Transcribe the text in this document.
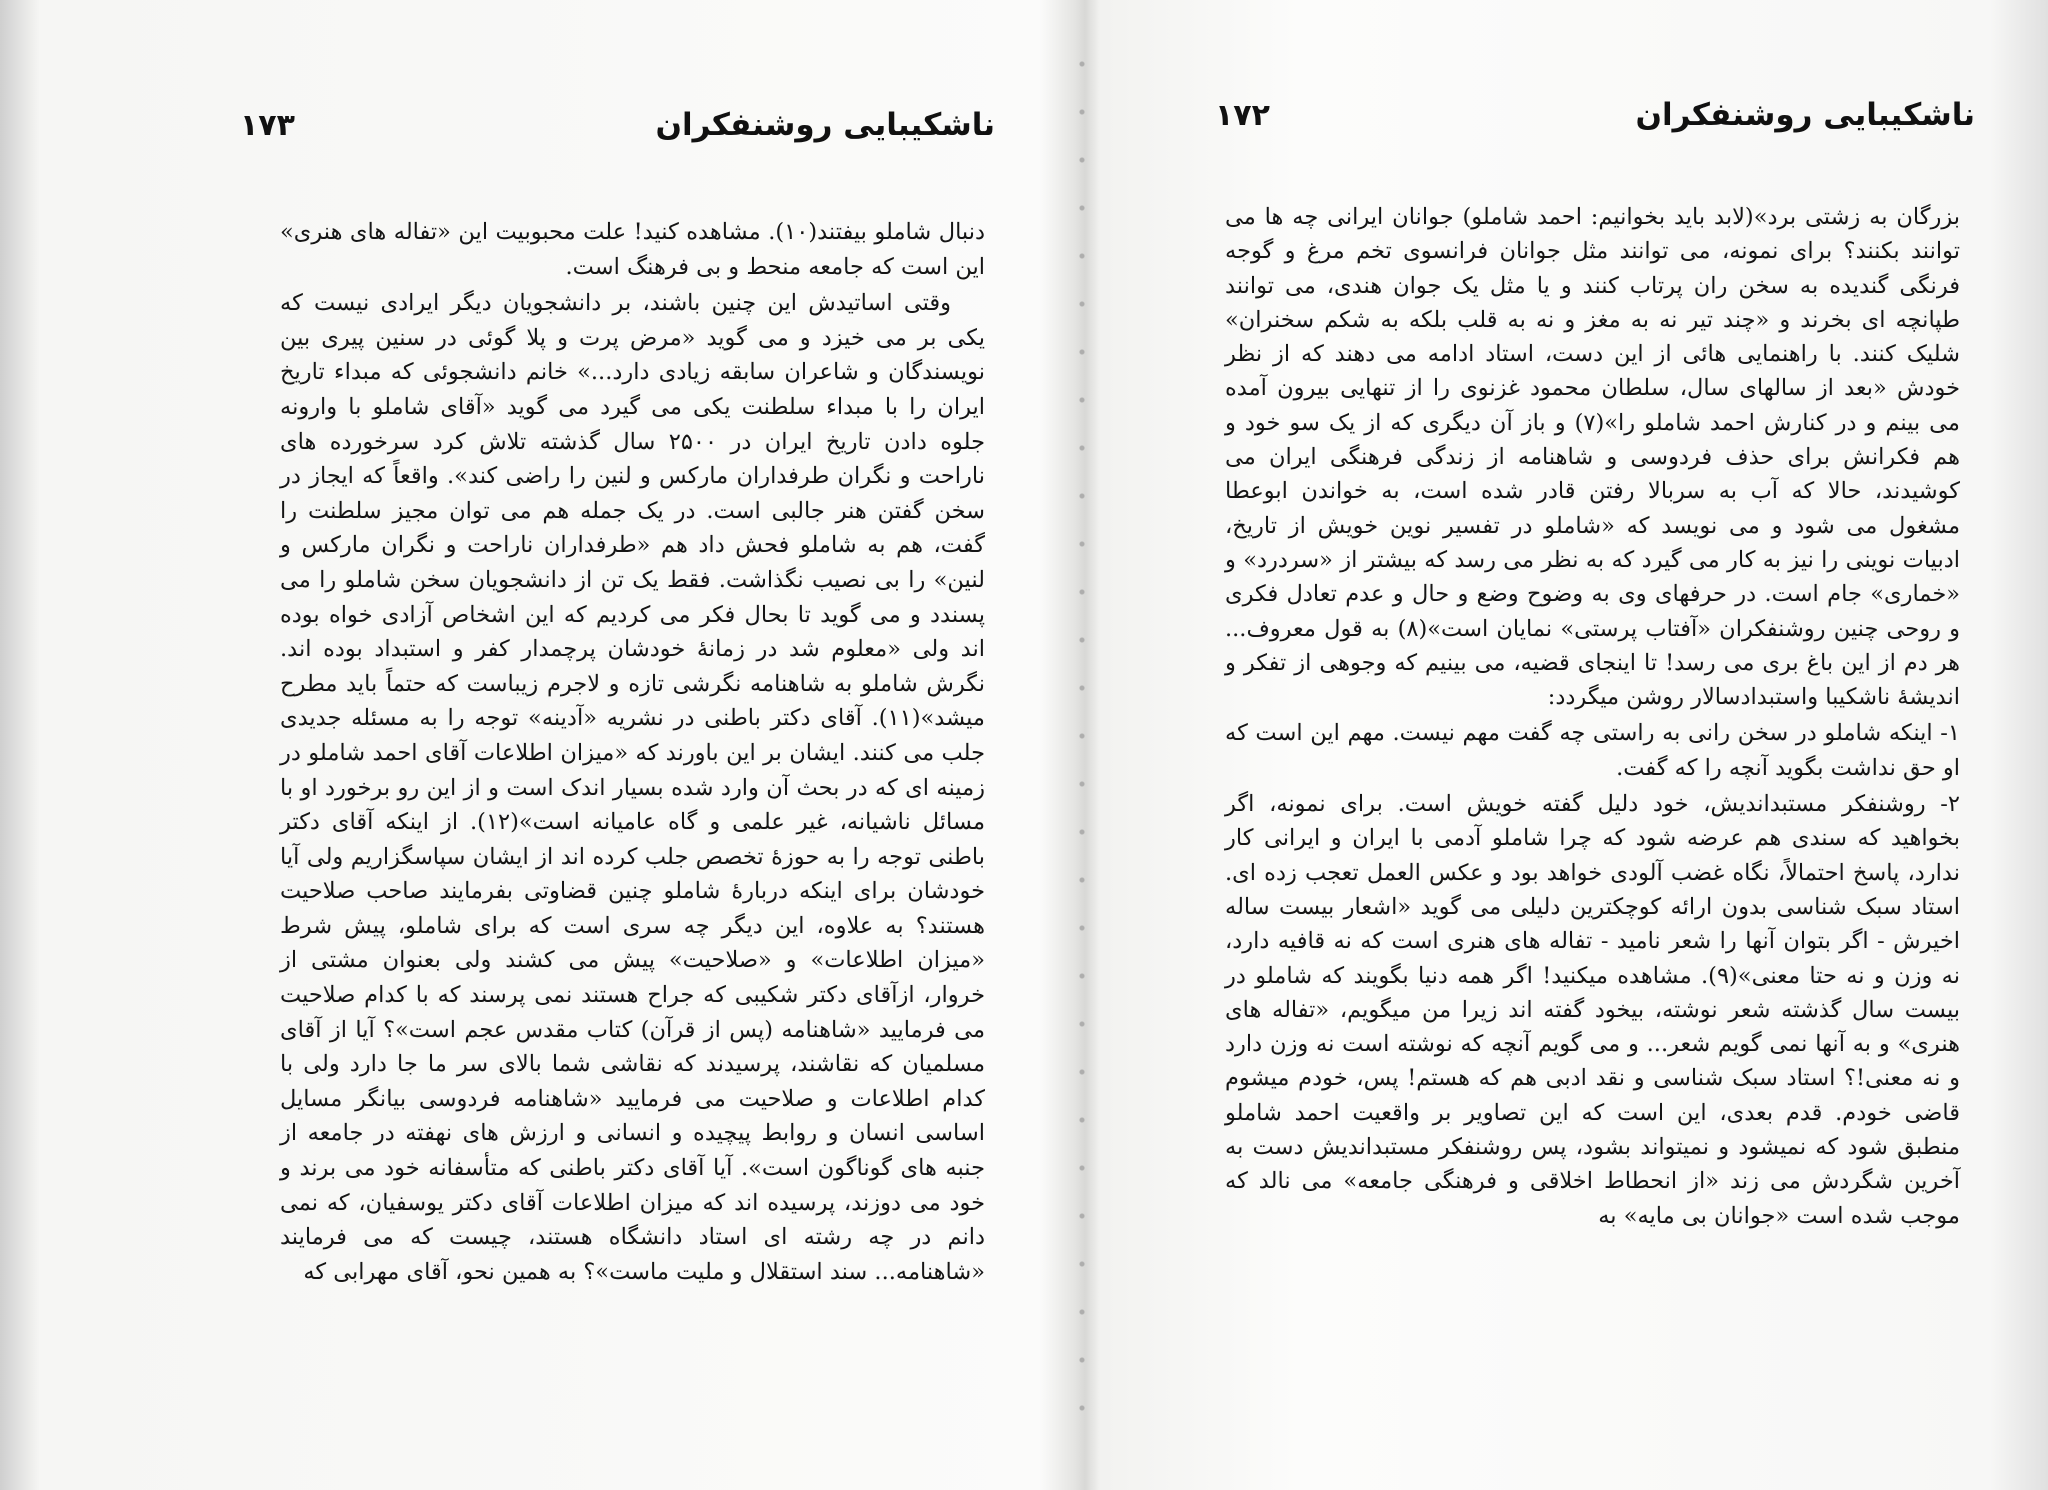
ناشکیبایی روشنفکران
۱۷۳

دنبال شاملو بیفتند(۱۰). مشاهده کنید! علت محبوبیت این «تفاله های هنری» این است که جامعه منحط و بی فرهنگ است.

وقتی اساتیدش این چنین باشند، بر دانشجویان دیگر ایرادی نیست که یکی بر می خیزد و می گوید «مرض پرت و پلا گوئی در سنین پیری بین نویسندگان و شاعران سابقه زیادی دارد...» خانم دانشجوئی که مبداء تاریخ ایران را با مبداء سلطنت یکی می گیرد می گوید «آقای شاملو با وارونه جلوه دادن تاریخ ایران در ۲۵۰۰ سال گذشته تلاش کرد سرخورده های ناراحت و نگران طرفداران مارکس و لنین را راضی کند». واقعاً که ایجاز در سخن گفتن هنر جالبی است. در یک جمله هم می توان مجیز سلطنت را گفت، هم به شاملو فحش داد هم «طرفداران ناراحت و نگران مارکس و لنین» را بی نصیب نگذاشت. فقط یک تن از دانشجویان سخن شاملو را می پسندد و می گوید تا بحال فکر می کردیم که این اشخاص آزادی خواه بوده اند ولی «معلوم شد در زمانهٔ خودشان پرچمدار کفر و استبداد بوده اند. نگرش شاملو به شاهنامه نگرشی تازه و لاجرم زیباست که حتماً باید مطرح میشد»(۱۱). آقای دکتر باطنی در نشریه «آدینه» توجه را به مسئله جدیدی جلب می کنند. ایشان بر این باورند که «میزان اطلاعات آقای احمد شاملو در زمینه ای که در بحث آن وارد شده بسیار اندک است و از این رو برخورد او با مسائل ناشیانه، غیر علمی و گاه عامیانه است»(۱۲). از اینکه آقای دکتر باطنی توجه را به حوزهٔ تخصص جلب کرده اند از ایشان سپاسگزاریم ولی آیا خودشان برای اینکه دربارهٔ شاملو چنین قضاوتی بفرمایند صاحب صلاحیت هستند؟ به علاوه، این دیگر چه سری است که برای شاملو، پیش شرط «میزان اطلاعات» و «صلاحیت» پیش می کشند ولی بعنوان مشتی از خروار، ازآقای دکتر شکیبی که جراح هستند نمی پرسند که با کدام صلاحیت می فرمایید «شاهنامه (پس از قرآن) کتاب مقدس عجم است»؟ آیا از آقای مسلمیان که نقاشند، پرسیدند که نقاشی شما بالای سر ما جا دارد ولی با کدام اطلاعات و صلاحیت می فرمایید «شاهنامه فردوسی بیانگر مسایل اساسی انسان و روابط پیچیده و انسانی و ارزش های نهفته در جامعه از جنبه های گوناگون است». آیا آقای دکتر باطنی که متأسفانه خود می برند و خود می دوزند، پرسیده اند که میزان اطلاعات آقای دکتر یوسفیان، که نمی دانم در چه رشته ای استاد دانشگاه هستند، چیست که می فرمایند «شاهنامه... سند استقلال و ملیت ماست»؟ به همین نحو، آقای مهرابی که

ناشکیبایی روشنفکران
۱۷۲

بزرگان به زشتی برد»(لابد باید بخوانیم: احمد شاملو) جوانان ایرانی چه ها می توانند بکنند؟ برای نمونه، می توانند مثل جوانان فرانسوی تخم مرغ و گوجه فرنگی گندیده به سخن ران پرتاب کنند و یا مثل یک جوان هندی، می توانند طپانچه ای بخرند و «چند تیر نه به مغز و نه به قلب بلکه به شکم سخنران» شلیک کنند. با راهنمایی هائی از این دست، استاد ادامه می دهند که از نظر خودش «بعد از سالهای سال، سلطان محمود غزنوی را از تنهایی بیرون آمده می بینم و در کنارش احمد شاملو را»(۷) و باز آن دیگری که از یک سو خود و هم فکرانش برای حذف فردوسی و شاهنامه از زندگی فرهنگی ایران می کوشیدند، حالا که آب به سربالا رفتن قادر شده است، به خواندن ابوعطا مشغول می شود و می نویسد که «شاملو در تفسیر نوین خویش از تاریخ، ادبیات نوینی را نیز به کار می گیرد که به نظر می رسد که بیشتر از «سردرد» و «خماری» جام است. در حرفهای وی به وضوح وضع و حال و عدم تعادل فکری و روحی چنین روشنفکران «آفتاب پرستی» نمایان است»(۸) به قول معروف... هر دم از این باغ بری می رسد! تا اینجای قضیه، می بینیم که وجوهی از تفکر و اندیشهٔ ناشکیبا واستبدادسالار روشن میگردد:

۱- اینکه شاملو در سخن رانی به راستی چه گفت مهم نیست. مهم این است که او حق نداشت بگوید آنچه را که گفت.

۲- روشنفکر مستبداندیش، خود دلیل گفته خویش است. برای نمونه، اگر بخواهید که سندی هم عرضه شود که چرا شاملو آدمی با ایران و ایرانی کار ندارد، پاسخ احتمالاً، نگاه غضب آلودی خواهد بود و عکس العمل تعجب زده ای. استاد سبک شناسی بدون ارائه کوچکترین دلیلی می گوید «اشعار بیست ساله اخیرش - اگر بتوان آنها را شعر نامید - تفاله های هنری است که نه قافیه دارد، نه وزن و نه حتا معنی»(۹). مشاهده میکنید! اگر همه دنیا بگویند که شاملو در بیست سال گذشته شعر نوشته، بیخود گفته اند زیرا من میگویم، «تفاله های هنری» و به آنها نمی گویم شعر... و می گویم آنچه که نوشته است نه وزن دارد و نه معنی!؟ استاد سبک شناسی و نقد ادبی هم که هستم! پس، خودم میشوم قاضی خودم. قدم بعدی، این است که این تصاویر بر واقعیت احمد شاملو منطبق شود که نمیشود و نمیتواند بشود، پس روشنفکر مستبداندیش دست به آخرین شگردش می زند «از انحطاط اخلاقی و فرهنگی جامعه» می نالد که موجب شده است «جوانان بی مایه» به
